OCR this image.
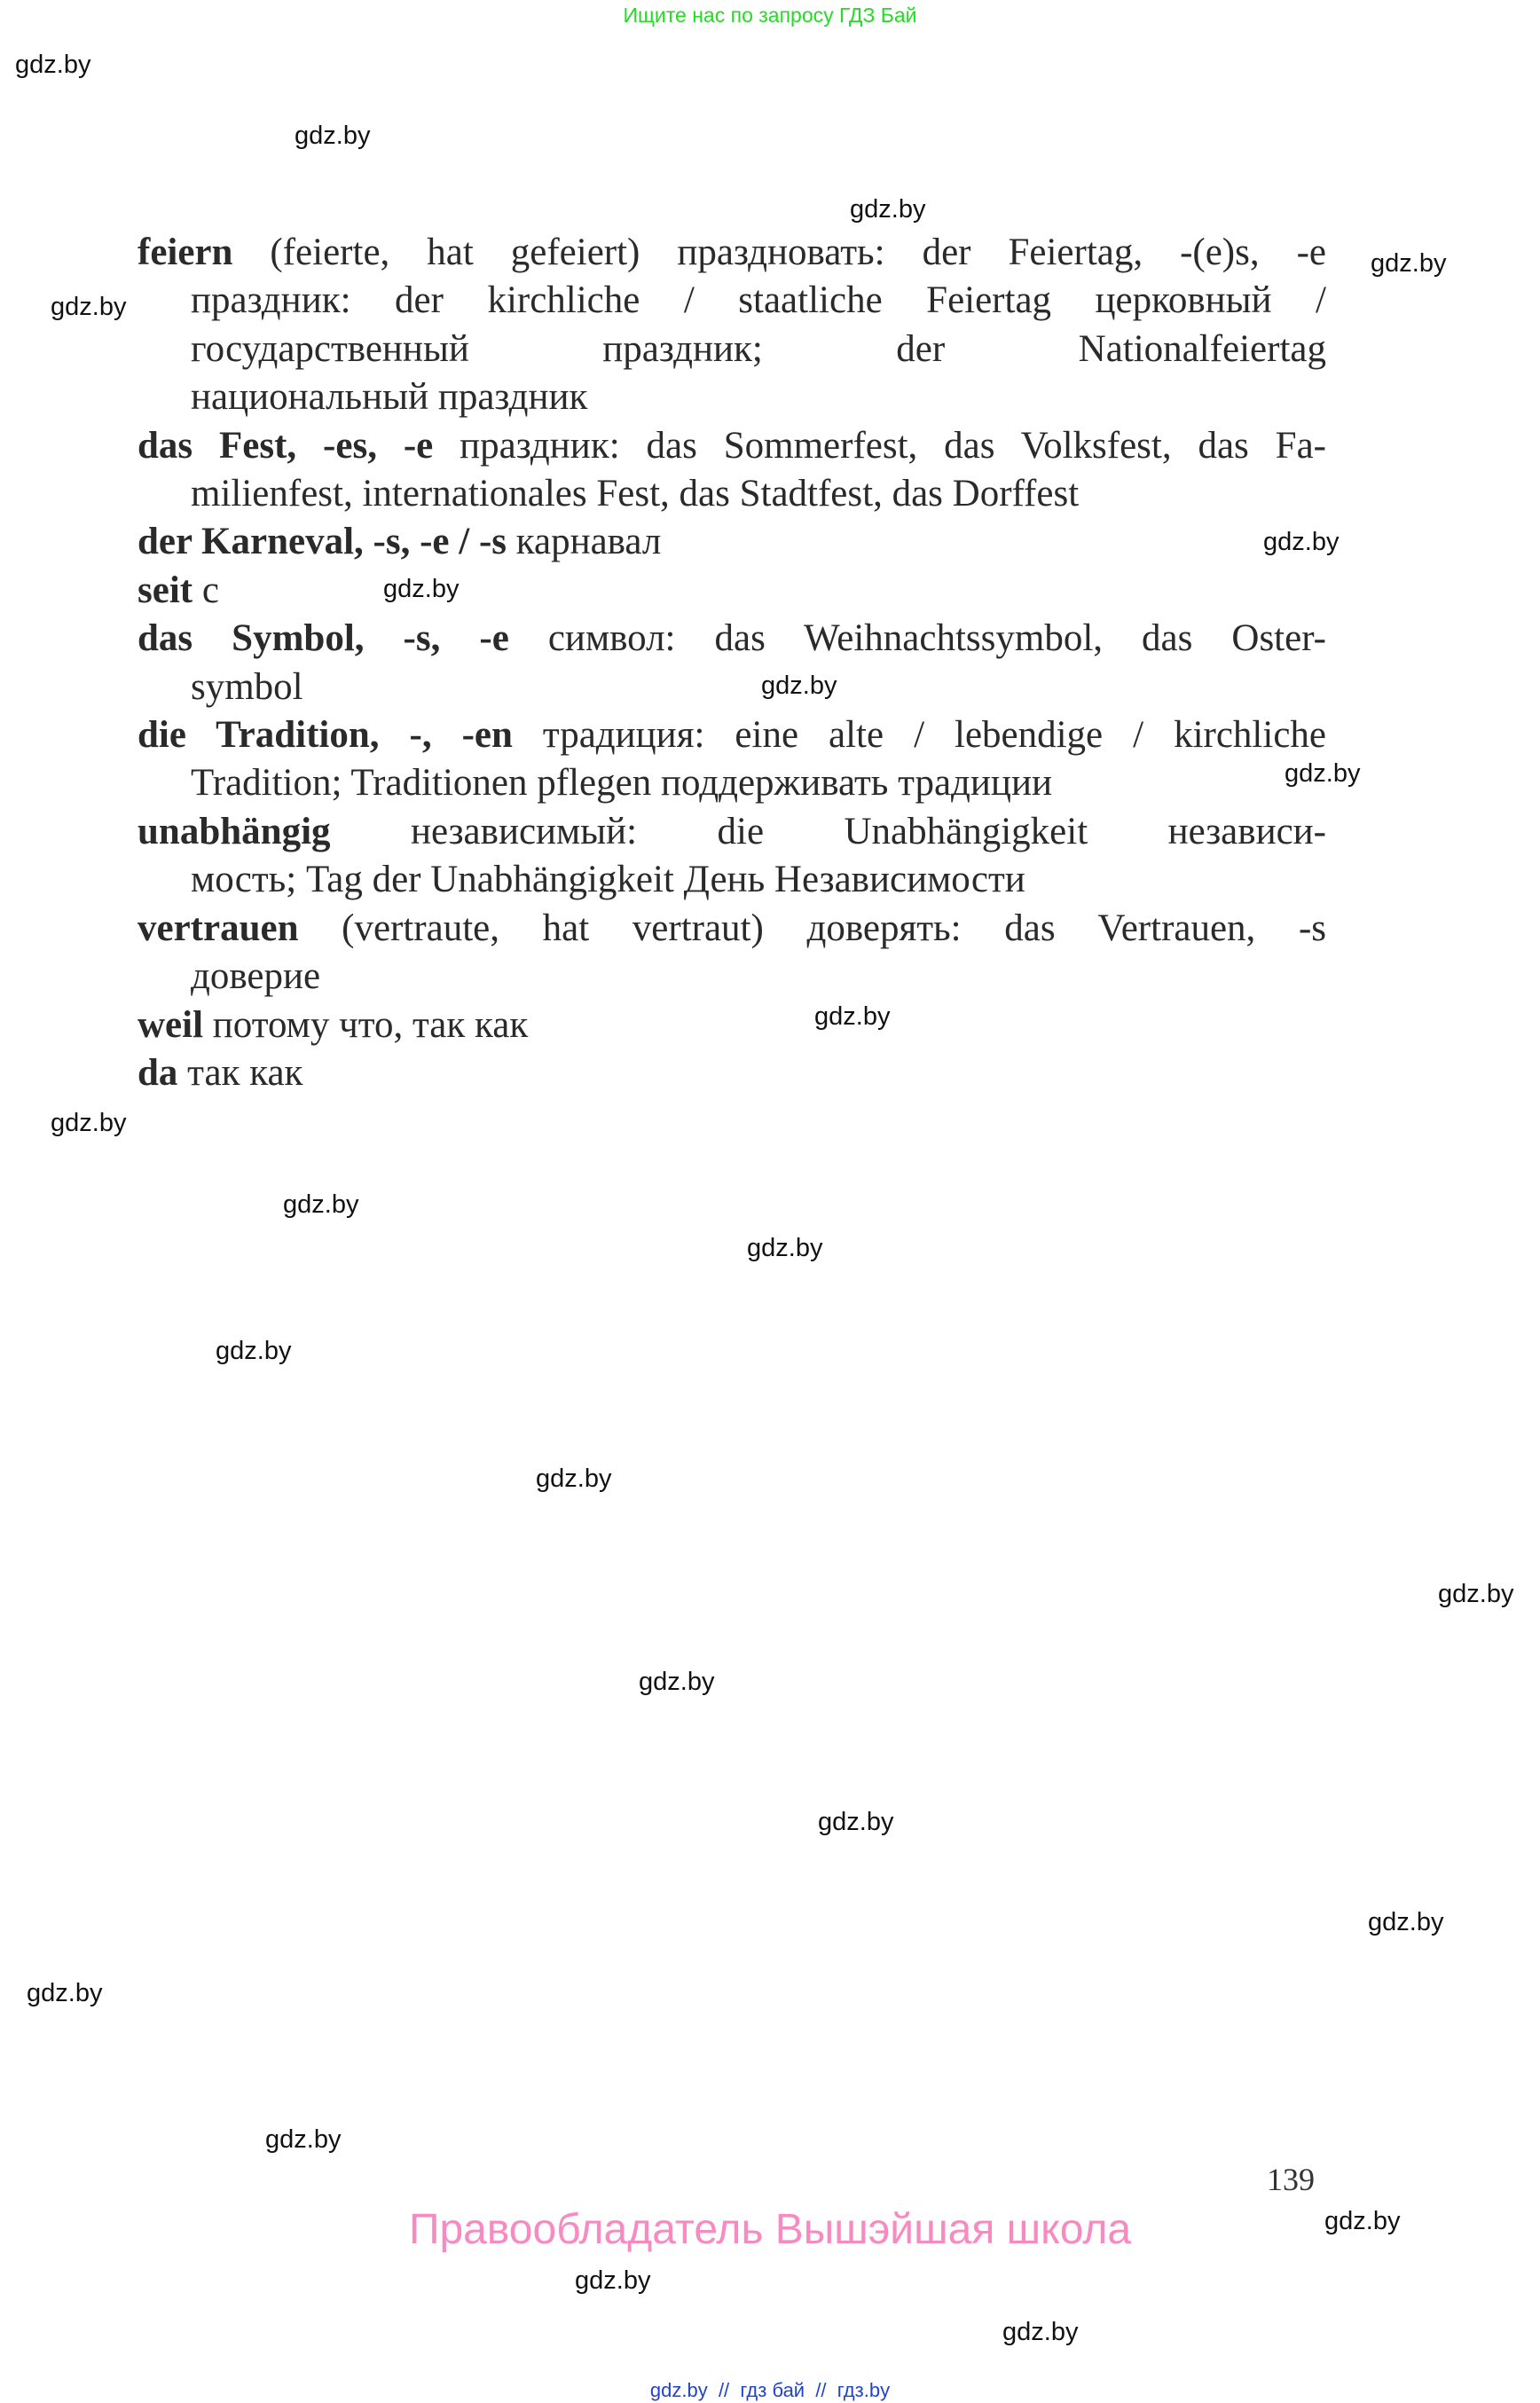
Ищите нас по запросу ГДЗ Бай
gdz.by
gdz.by
gdz.by
gdz.by
gdz.by
gdz.by
gdz.by
gdz.by
gdz.by
gdz.by
gdz.by
gdz.by
gdz.by
gdz.by
gdz.by
gdz.by
gdz.by
gdz.by
gdz.by
gdz.by
gdz.by
gdz.by
gdz.by
gdz.by
feiern (feierte, hat gefeiert) праздновать: der Feiertag, -(e)s, -e
праздник: der kirchliche / staatliche Feiertag церковный /
государственный праздник; der Nationalfeiertag
национальный праздник
das Fest, -es, -e праздник: das Sommerfest, das Volksfest, das Fa-
milienfest, internationales Fest, das Stadtfest, das Dorffest
der Karneval, -s, -e / -s карнавал
seit с
das Symbol, -s, -e символ: das Weihnachtssymbol, das Oster-
symbol
die Tradition, -, -en традиция: eine alte / lebendige / kirchliche
Tradition; Traditionen pflegen поддерживать традиции
unabhängig независимый: die Unabhängigkeit независи-
мость; Tag der Unabhängigkeit День Независимости
vertrauen (vertraute, hat vertraut) доверять: das Vertrauen, -s
доверие
weil потому что, так как
da так как
139
Правообладатель Вышэйшая школа
gdz.by  //  гдз бай  //  гдз.by
